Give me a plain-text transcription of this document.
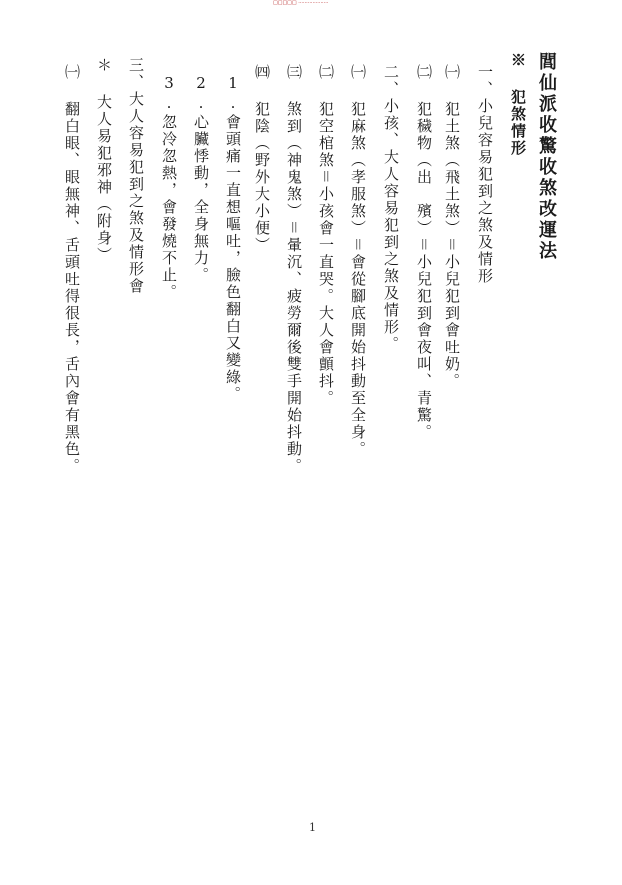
□□□□□ ···················
閭仙派收驚收煞改運法
※ 犯煞情形
一、小兒容易犯到之煞及情形
㈠ 犯土煞（飛土煞）＝小兒犯到會吐奶。
㈡ 犯穢物（出　殯）＝小兒犯到會夜叫、青驚。
二、小孩、大人容易犯到之煞及情形。
㈠ 犯麻煞（孝服煞）＝會從腳底開始抖動至全身。
㈡ 犯空棺煞＝小孩會一直哭。大人會顫抖。
㈢ 煞到（神鬼煞）＝暈沉、疲勞爾後雙手開始抖動。
㈣ 犯陰（野外大小便）
1.會頭痛一直想嘔吐，臉色翻白又變綠。
2.心臟悸動，全身無力。
3.忽冷忽熱，會發燒不止。
三、大人容易犯到之煞及情形會
＊ 大人易犯邪神（附身）
㈠ 翻白眼、眼無神、舌頭吐得很長，舌內會有黑色。
1
